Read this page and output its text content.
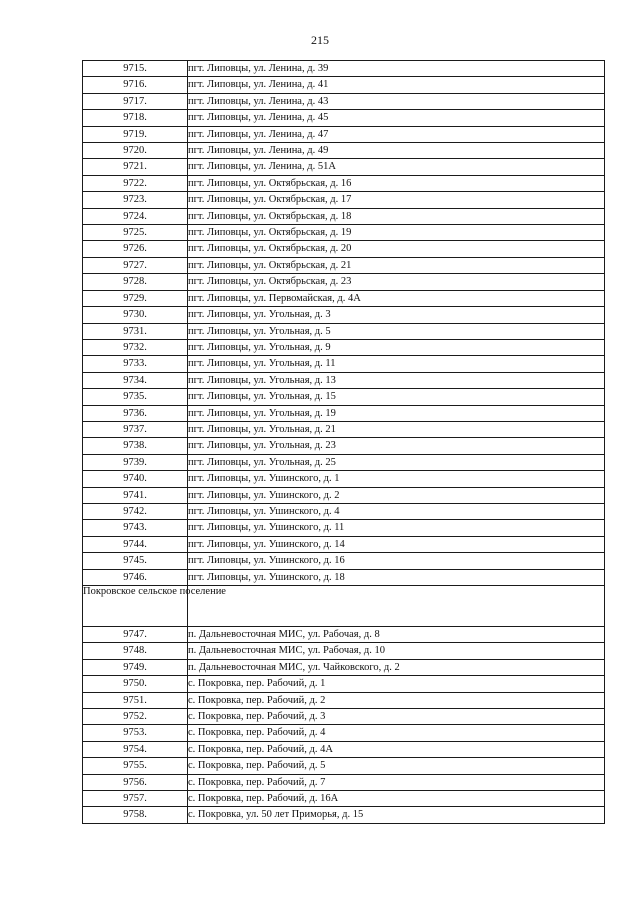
215
9715.	пгт. Липовцы, ул. Ленина, д. 39
9716.	пгт. Липовцы, ул. Ленина, д. 41
9717.	пгт. Липовцы, ул. Ленина, д. 43
9718.	пгт. Липовцы, ул. Ленина, д. 45
9719.	пгт. Липовцы, ул. Ленина, д. 47
9720.	пгт. Липовцы, ул. Ленина, д. 49
9721.	пгт. Липовцы, ул. Ленина, д. 51А
9722.	пгт. Липовцы, ул. Октябрьская, д. 16
9723.	пгт. Липовцы, ул. Октябрьская, д. 17
9724.	пгт. Липовцы, ул. Октябрьская, д. 18
9725.	пгт. Липовцы, ул. Октябрьская, д. 19
9726.	пгт. Липовцы, ул. Октябрьская, д. 20
9727.	пгт. Липовцы, ул. Октябрьская, д. 21
9728.	пгт. Липовцы, ул. Октябрьская, д. 23
9729.	пгт. Липовцы, ул. Первомайская, д. 4А
9730.	пгт. Липовцы, ул. Угольная, д. 3
9731.	пгт. Липовцы, ул. Угольная, д. 5
9732.	пгт. Липовцы, ул. Угольная, д. 9
9733.	пгт. Липовцы, ул. Угольная, д. 11
9734.	пгт. Липовцы, ул. Угольная, д. 13
9735.	пгт. Липовцы, ул. Угольная, д. 15
9736.	пгт. Липовцы, ул. Угольная, д. 19
9737.	пгт. Липовцы, ул. Угольная, д. 21
9738.	пгт. Липовцы, ул. Угольная, д. 23
9739.	пгт. Липовцы, ул. Угольная, д. 25
9740.	пгт. Липовцы, ул. Ушинского, д. 1
9741.	пгт. Липовцы, ул. Ушинского, д. 2
9742.	пгт. Липовцы, ул. Ушинского, д. 4
9743.	пгт. Липовцы, ул. Ушинского, д. 11
9744.	пгт. Липовцы, ул. Ушинского, д. 14
9745.	пгт. Липовцы, ул. Ушинского, д. 16
9746.	пгт. Липовцы, ул. Ушинского, д. 18
Покровское сельское поселение	
9747.	п. Дальневосточная МИС, ул. Рабочая, д. 8
9748.	п. Дальневосточная МИС, ул. Рабочая, д. 10
9749.	п. Дальневосточная МИС, ул. Чайковского, д. 2
9750.	с. Покровка, пер. Рабочий, д. 1
9751.	с. Покровка, пер. Рабочий, д. 2
9752.	с. Покровка, пер. Рабочий, д. 3
9753.	с. Покровка, пер. Рабочий, д. 4
9754.	с. Покровка, пер. Рабочий, д. 4А
9755.	с. Покровка, пер. Рабочий, д. 5
9756.	с. Покровка, пер. Рабочий, д. 7
9757.	с. Покровка, пер. Рабочий, д. 16А
9758.	с. Покровка, ул. 50 лет Приморья, д. 15
